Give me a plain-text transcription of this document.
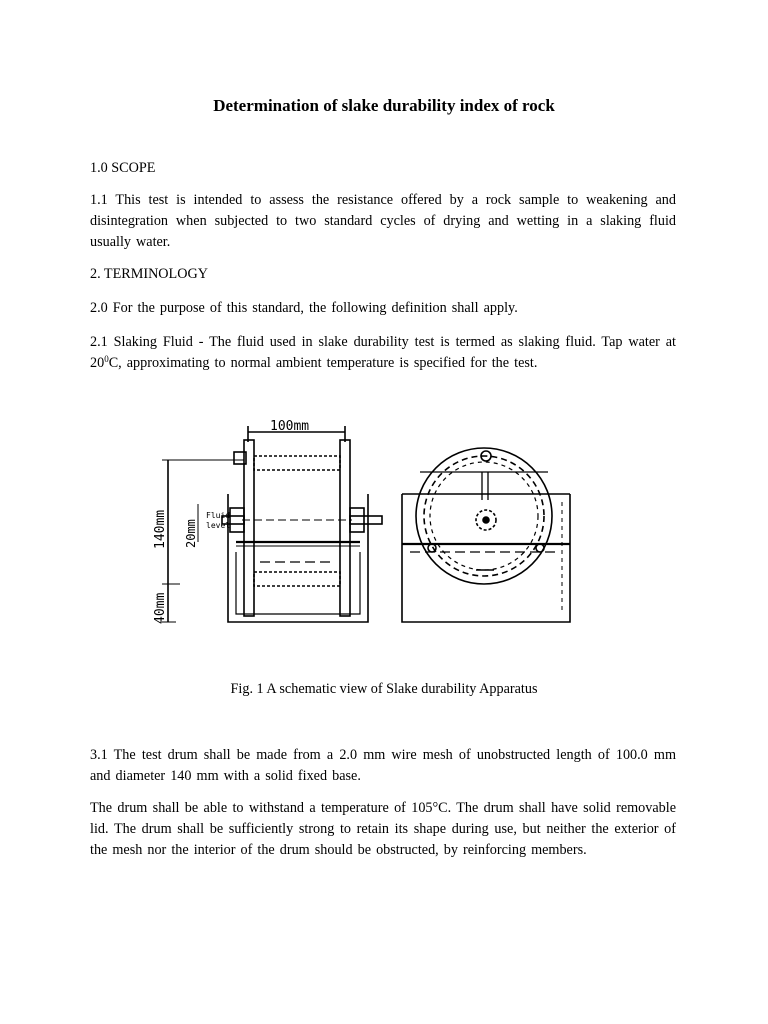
Determination of slake durability index of rock
1.0 SCOPE
1.1 This test is intended to assess the resistance offered by a rock sample to weakening and disintegration when subjected to two standard cycles of drying and wetting in a slaking fluid usually water.
2. TERMINOLOGY
2.0 For the purpose of this standard, the following definition shall apply.
2.1 Slaking Fluid - The fluid used in slake durability test is termed as slaking fluid. Tap water at $20^0C$, approximating to normal ambient temperature is specified for the test.
100mm
140mm
40mm
20mm
Fluid
level
Fig. 1 A schematic view of Slake durability Apparatus
3.1 The test drum shall be made from a 2.0 mm wire mesh of unobstructed length of 100.0 mm and diameter 140 mm with a solid fixed base.
The drum shall be able to withstand a temperature of 105°C. The drum shall have solid removable lid. The drum shall be sufficiently strong to retain its shape during use, but neither the exterior of the mesh nor the interior of the drum should be obstructed, by reinforcing members.
